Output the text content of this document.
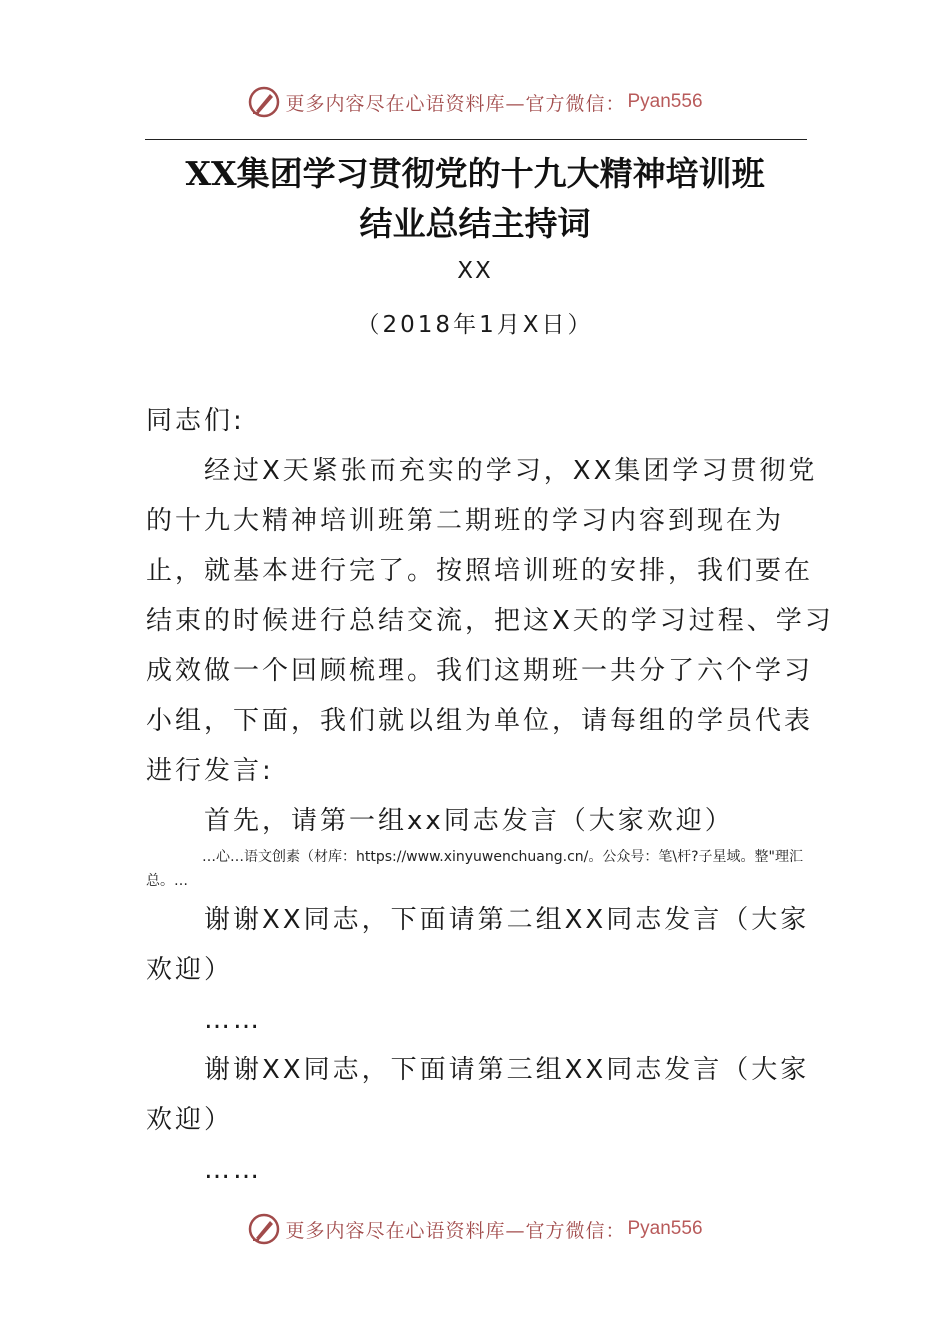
更多内容尽在心语资料库—官方微信： Pyan556
XX集团学习贯彻党的十九大精神培训班
结业总结主持词
XX
（2018年1月X日）

同志们:

经过X天紧张而充实的学习，XX集团学习贯彻党的十九大精神培训班第二期班的学习内容到现在为止，就基本进行完了。按照培训班的安排，我们要在结束的时候进行总结交流，把这X天的学习过程、学习成效做一个回顾梳理。我们这期班一共分了六个学习小组，下面，我们就以组为单位，请每组的学员代表进行发言:

首先，请第一组xx同志发言（大家欢迎）

…心…语文创素（材库：https://www.xinyuwenchuang.cn/。公众号：笔\杆?子星域。整"理汇总。…

谢谢XX同志，下面请第二组XX同志发言（大家欢迎）

……

谢谢XX同志，下面请第三组XX同志发言（大家欢迎）

……

更多内容尽在心语资料库—官方微信： Pyan556
